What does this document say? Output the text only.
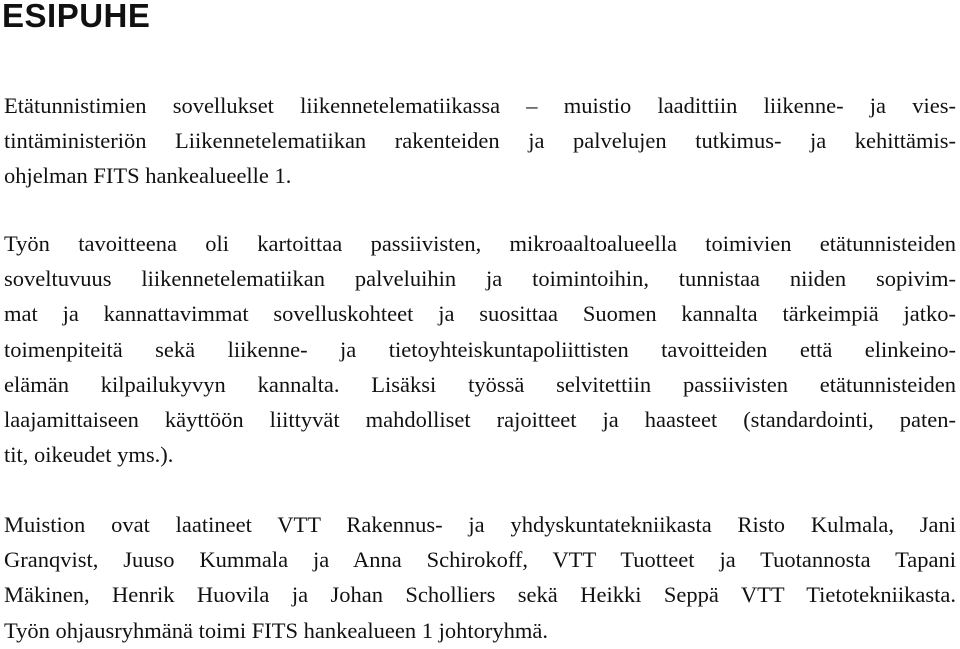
ESIPUHE
Etätunnistimien sovellukset liikennetelematiikassa – muistio laadittiin liikenne- ja vies-
tintäministeriön Liikennetelematiikan rakenteiden ja palvelujen tutkimus- ja kehittämis-
ohjelman FITS hankealueelle 1.
Työn tavoitteena oli kartoittaa passiivisten, mikroaaltoalueella toimivien etätunnisteiden
soveltuvuus liikennetelematiikan palveluihin ja toimintoihin, tunnistaa niiden sopivim-
mat ja kannattavimmat sovelluskohteet ja suosittaa Suomen kannalta tärkeimpiä jatko-
toimenpiteitä sekä liikenne- ja tietoyhteiskuntapoliittisten tavoitteiden että elinkeino-
elämän kilpailukyvyn kannalta. Lisäksi työssä selvitettiin passiivisten etätunnisteiden
laajamittaiseen käyttöön liittyvät mahdolliset rajoitteet ja haasteet (standardointi, paten-
tit, oikeudet yms.).
Muistion ovat laatineet VTT Rakennus- ja yhdyskuntatekniikasta Risto Kulmala, Jani
Granqvist, Juuso Kummala ja Anna Schirokoff, VTT Tuotteet ja Tuotannosta Tapani
Mäkinen, Henrik Huovila ja Johan Scholliers sekä Heikki Seppä VTT Tietotekniikasta.
Työn ohjausryhmänä toimi FITS hankealueen 1 johtoryhmä.
